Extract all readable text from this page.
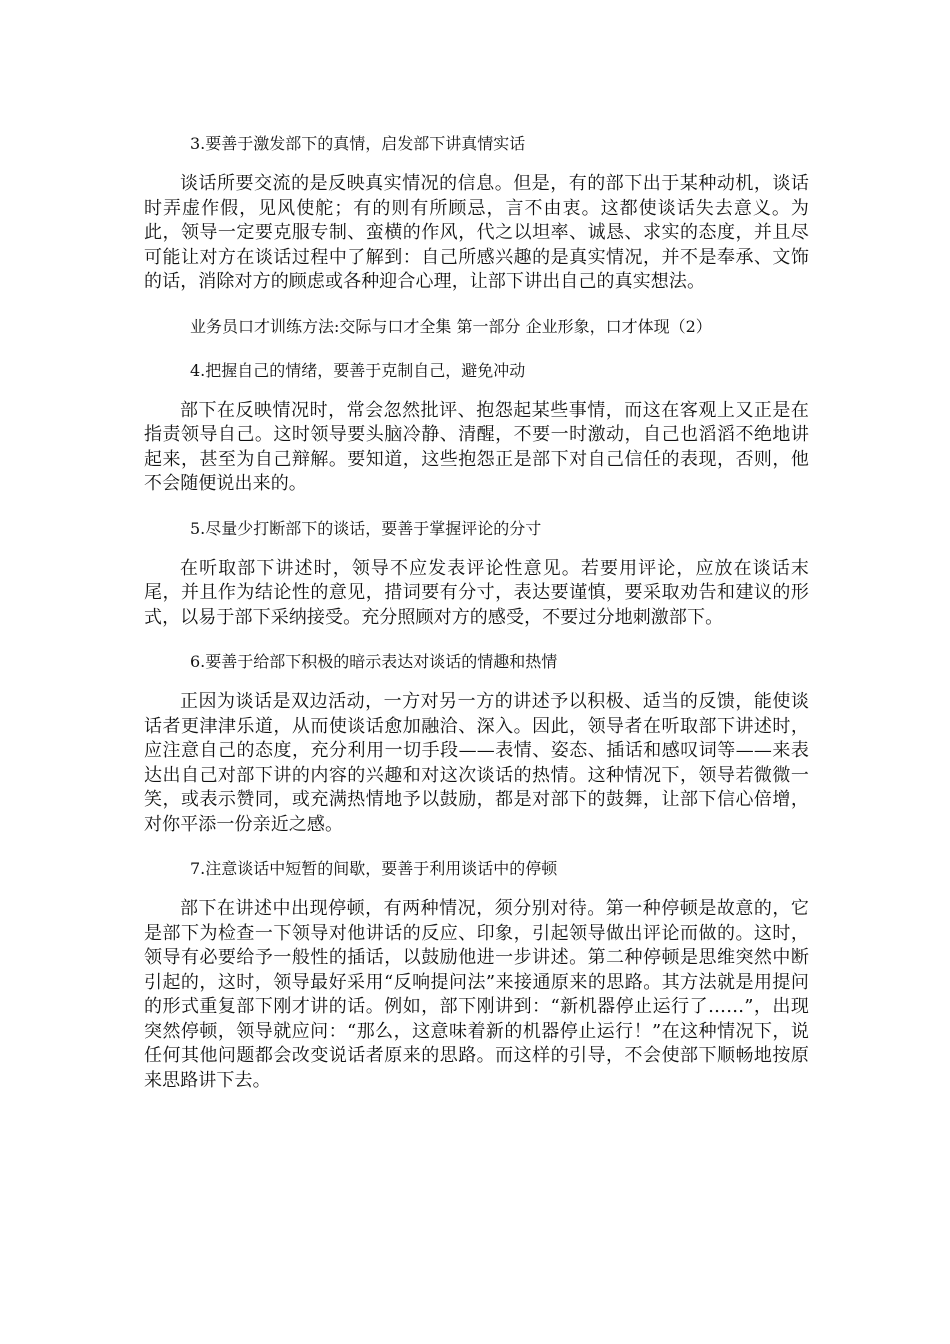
3.要善于激发部下的真情，启发部下讲真情实话

谈话所要交流的是反映真实情况的信息。但是，有的部下出于某种动机，谈话时弄虚作假，见风使舵；有的则有所顾忌，言不由衷。这都使谈话失去意义。为此，领导一定要克服专制、蛮横的作风，代之以坦率、诚恳、求实的态度，并且尽可能让对方在谈话过程中了解到：自己所感兴趣的是真实情况，并不是奉承、文饰的话，消除对方的顾虑或各种迎合心理，让部下讲出自己的真实想法。

业务员口才训练方法:交际与口才全集 第一部分 企业形象，口才体现（2）

4.把握自己的情绪，要善于克制自己，避免冲动

部下在反映情况时，常会忽然批评、抱怨起某些事情，而这在客观上又正是在指责领导自己。这时领导要头脑冷静、清醒，不要一时激动，自己也滔滔不绝地讲起来，甚至为自己辩解。要知道，这些抱怨正是部下对自己信任的表现，否则，他不会随便说出来的。

5.尽量少打断部下的谈话，要善于掌握评论的分寸

在听取部下讲述时，领导不应发表评论性意见。若要用评论，应放在谈话末尾，并且作为结论性的意见，措词要有分寸，表达要谨慎，要采取劝告和建议的形式，以易于部下采纳接受。充分照顾对方的感受，不要过分地刺激部下。

6.要善于给部下积极的暗示表达对谈话的情趣和热情

正因为谈话是双边活动，一方对另一方的讲述予以积极、适当的反馈，能使谈话者更津津乐道，从而使谈话愈加融洽、深入。因此，领导者在听取部下讲述时，应注意自己的态度，充分利用一切手段——表情、姿态、插话和感叹词等——来表达出自己对部下讲的内容的兴趣和对这次谈话的热情。这种情况下，领导若微微一笑，或表示赞同，或充满热情地予以鼓励，都是对部下的鼓舞，让部下信心倍增，对你平添一份亲近之感。

7.注意谈话中短暂的间歇，要善于利用谈话中的停顿

部下在讲述中出现停顿，有两种情况，须分别对待。第一种停顿是故意的，它是部下为检查一下领导对他讲话的反应、印象，引起领导做出评论而做的。这时，领导有必要给予一般性的插话，以鼓励他进一步讲述。第二种停顿是思维突然中断引起的，这时，领导最好采用“反响提问法”来接通原来的思路。其方法就是用提问的形式重复部下刚才讲的话。例如，部下刚讲到：“新机器停止运行了……”，出现突然停顿，领导就应问：“那么，这意味着新的机器停止运行！”在这种情况下，说任何其他问题都会改变说话者原来的思路。而这样的引导，不会使部下顺畅地按原来思路讲下去。
